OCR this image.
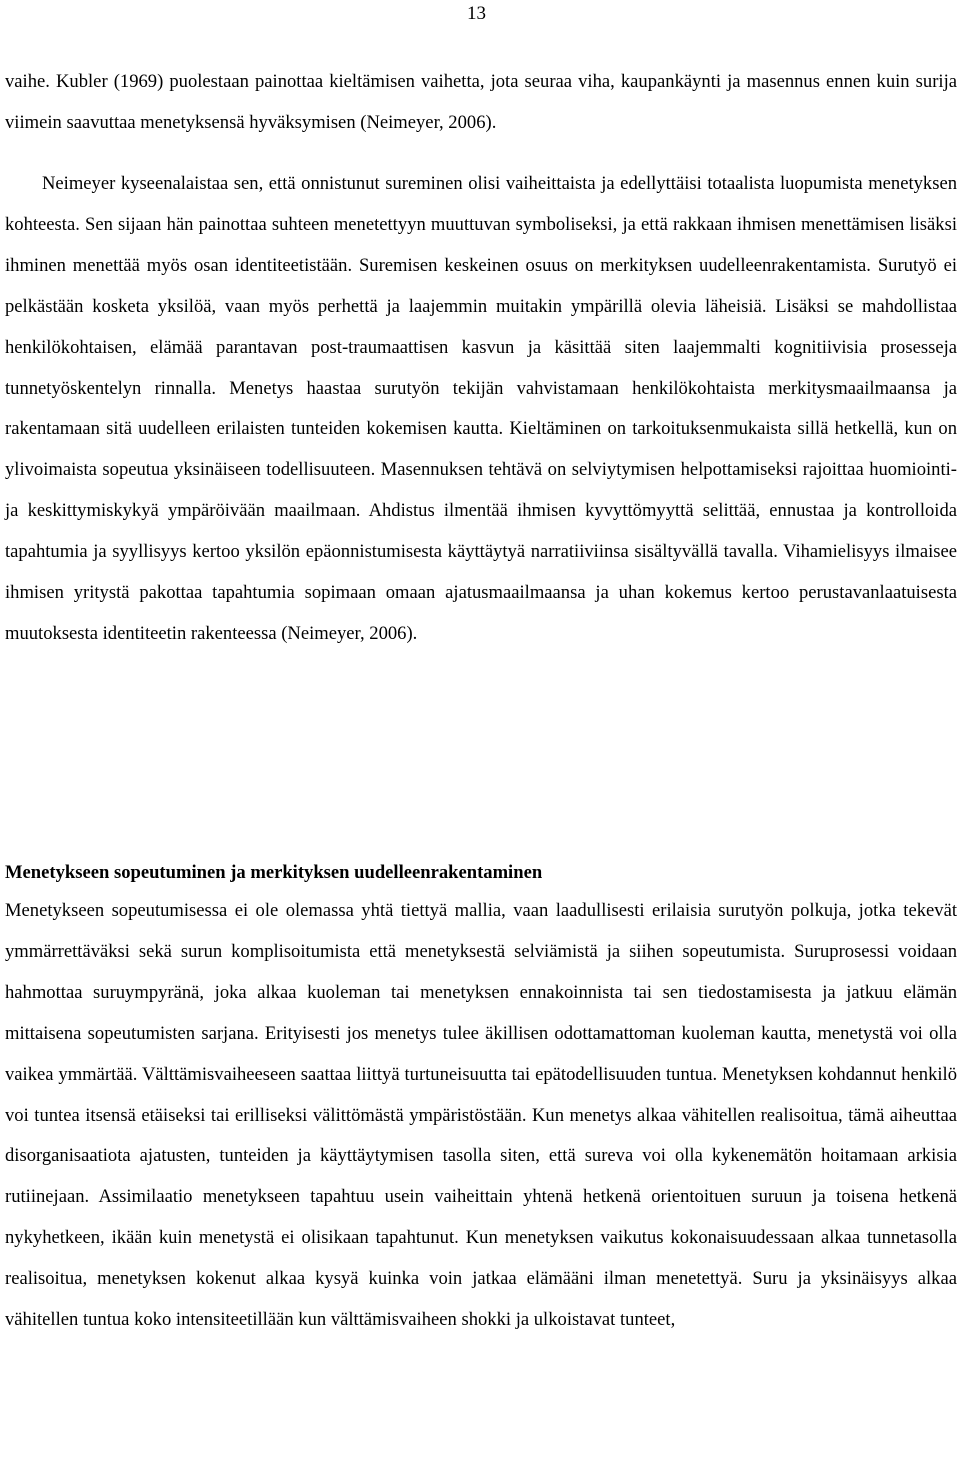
13

vaihe. Kubler (1969) puolestaan painottaa kieltämisen vaihetta, jota seuraa viha, kaupankäynti ja masennus ennen kuin surija viimein saavuttaa menetyksensä hyväksymisen (Neimeyer, 2006).

Neimeyer kyseenalaistaa sen, että onnistunut sureminen olisi vaiheittaista ja edellyttäisi totaalista luopumista menetyksen kohteesta. Sen sijaan hän painottaa suhteen menetettyyn muuttuvan symboliseksi, ja että rakkaan ihmisen menettämisen lisäksi ihminen menettää myös osan identiteetistään. Suremisen keskeinen osuus on merkityksen uudelleenrakentamista. Surutyö ei pelkästään kosketa yksilöä, vaan myös perhettä ja laajemmin muitakin ympärillä olevia läheisiä. Lisäksi se mahdollistaa henkilökohtaisen, elämää parantavan post-traumaattisen kasvun ja käsittää siten laajemmalti kognitiivisia prosesseja tunnetyöskentelyn rinnalla. Menetys haastaa surutyön tekijän vahvistamaan henkilökohtaista merkitysmaailmaansa ja rakentamaan sitä uudelleen erilaisten tunteiden kokemisen kautta. Kieltäminen on tarkoituksenmukaista sillä hetkellä, kun on ylivoimaista sopeutua yksinäiseen todellisuuteen. Masennuksen tehtävä on selviytymisen helpottamiseksi rajoittaa huomiointi- ja keskittymiskykyä ympäröivään maailmaan. Ahdistus ilmentää ihmisen kyvyttömyyttä selittää, ennustaa ja kontrolloida tapahtumia ja syyllisyys kertoo yksilön epäonnistumisesta käyttäytyä narratiiviinsa sisältyvällä tavalla. Vihamielisyys ilmaisee ihmisen yritystä pakottaa tapahtumia sopimaan omaan ajatusmaailmaansa ja uhan kokemus kertoo perustavanlaatuisesta muutoksesta identiteetin rakenteessa (Neimeyer, 2006).

Menetykseen sopeutuminen ja merkityksen uudelleenrakentaminen

Menetykseen sopeutumisessa ei ole olemassa yhtä tiettyä mallia, vaan laadullisesti erilaisia surutyön polkuja, jotka tekevät ymmärrettäväksi sekä surun komplisoitumista että menetyksestä selviämistä ja siihen sopeutumista. Suruprosessi voidaan hahmottaa suruympyränä, joka alkaa kuoleman tai menetyksen ennakoinnista tai sen tiedostamisesta ja jatkuu elämän mittaisena sopeutumisten sarjana. Erityisesti jos menetys tulee äkillisen odottamattoman kuoleman kautta, menetystä voi olla vaikea ymmärtää. Välttämisvaiheeseen saattaa liittyä turtuneisuutta tai epätodellisuuden tuntua. Menetyksen kohdannut henkilö voi tuntea itsensä etäiseksi tai erilliseksi välittömästä ympäristöstään. Kun menetys alkaa vähitellen realisoitua, tämä aiheuttaa disorganisaatiota ajatusten, tunteiden ja käyttäytymisen tasolla siten, että sureva voi olla kykenemätön hoitamaan arkisia rutiinejaan. Assimilaatio menetykseen tapahtuu usein vaiheittain yhtenä hetkenä orientoituen suruun ja toisena hetkenä nykyhetkeen, ikään kuin menetystä ei olisikaan tapahtunut. Kun menetyksen vaikutus kokonaisuudessaan alkaa tunnetasolla realisoitua, menetyksen kokenut alkaa kysyä kuinka voin jatkaa elämääni ilman menetettyä. Suru ja yksinäisyys alkaa vähitellen tuntua koko intensiteetillään kun välttämisvaiheen shokki ja ulkoistavat tunteet,
